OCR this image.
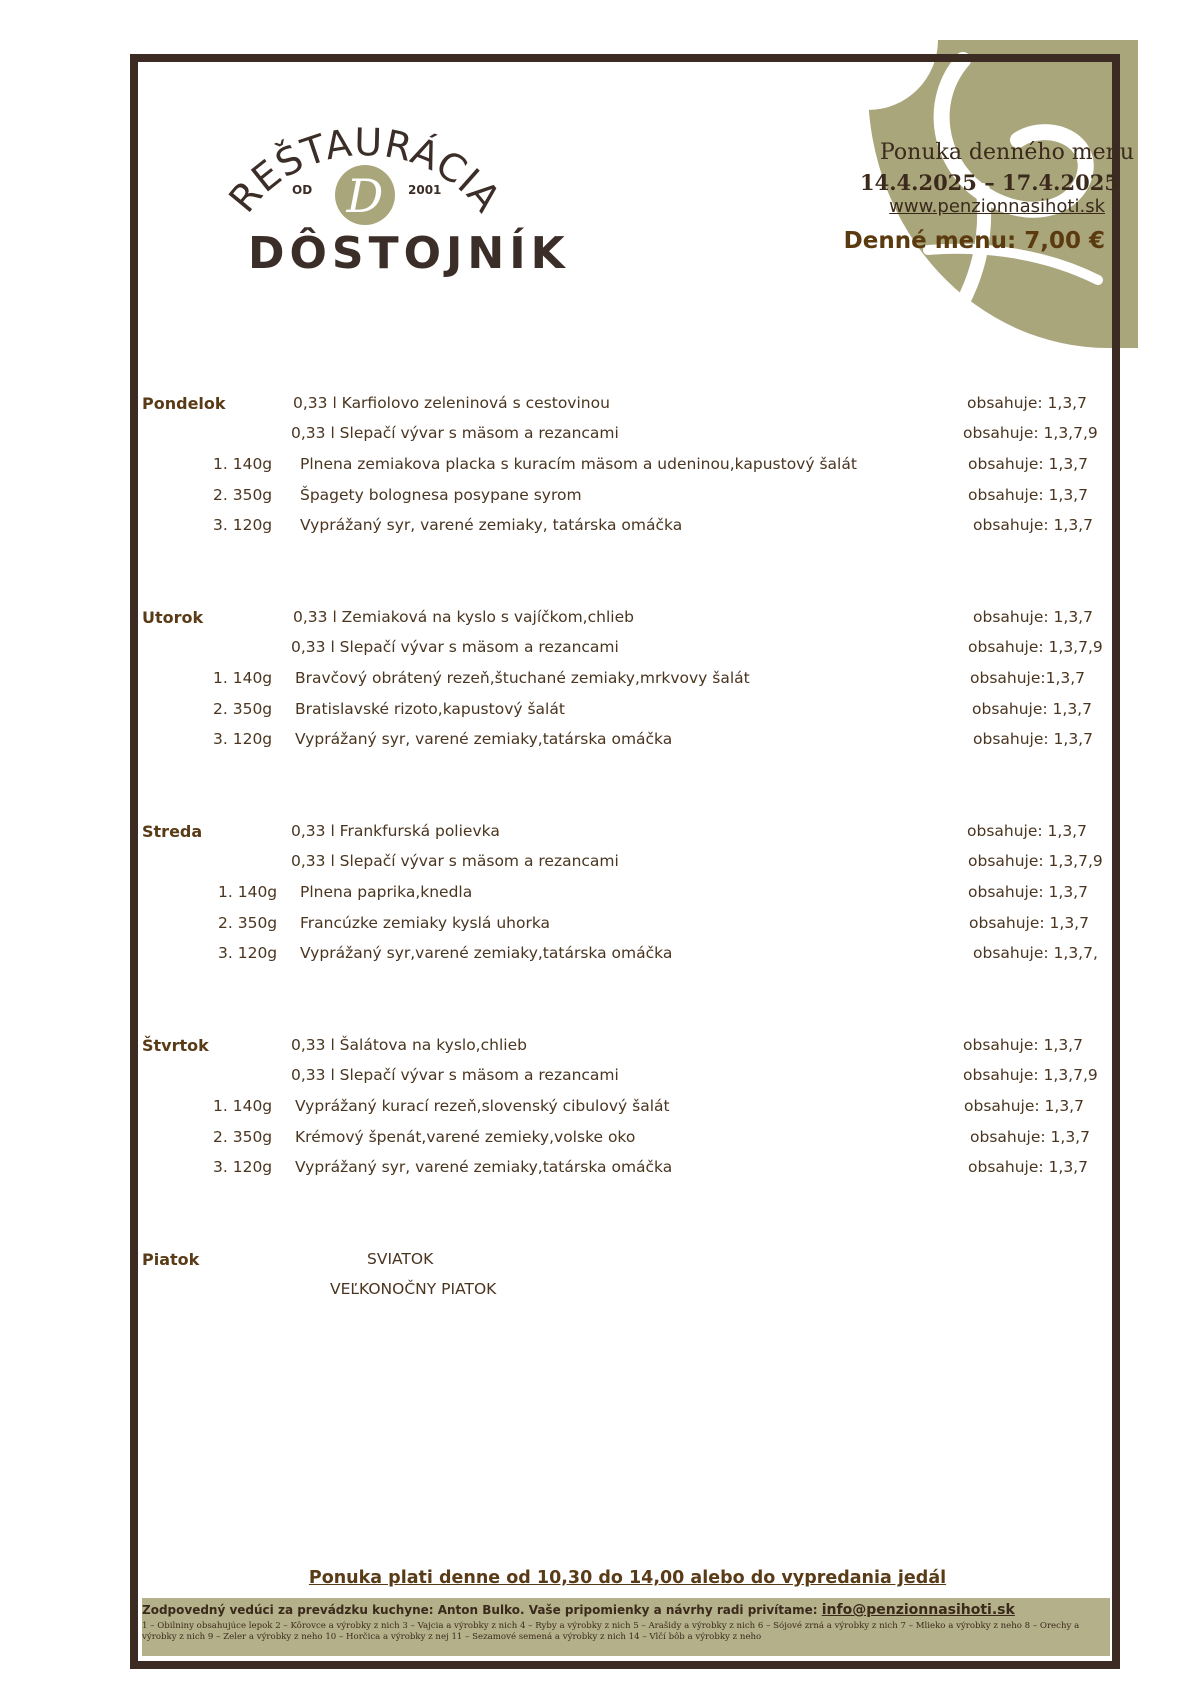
REŠTAURÁCIA
D
OD	2001
DÔSTOJNÍK
Ponuka denného menu
14.4.2025 – 17.4.2025
www.penzionnasihoti.sk
Denné menu: 7,00 €
Pondelok	0,33 l Karfiolovo zeleninová s cestovinou	obsahuje: 1,3,7
0,33 l Slepačí vývar s mäsom a rezancami	obsahuje: 1,3,7,9
1. 140g Plnena zemiakova placka s kuracím mäsom a udeninou,kapustový šalát	obsahuje: 1,3,7
2. 350g Špagety bolognesa posypane syrom	obsahuje: 1,3,7
3. 120g Vyprážaný syr, varené zemiaky, tatárska omáčka	obsahuje: 1,3,7
Utorok	0,33 l Zemiaková na kyslo s vajíčkom,chlieb	obsahuje: 1,3,7
0,33 l Slepačí vývar s mäsom a rezancami	obsahuje: 1,3,7,9
1. 140g Bravčový obrátený rezeň,štuchané zemiaky,mrkvovy šalát	obsahuje:1,3,7
2. 350g Bratislavské rizoto,kapustový šalát	obsahuje: 1,3,7
3. 120g Vyprážaný syr, varené zemiaky,tatárska omáčka	obsahuje: 1,3,7
Streda	0,33 l Frankfurská polievka	obsahuje: 1,3,7
0,33 l Slepačí vývar s mäsom a rezancami	obsahuje: 1,3,7,9
1. 140g Plnena paprika,knedla	obsahuje: 1,3,7
2. 350g Francúzke zemiaky kyslá uhorka	obsahuje: 1,3,7
3. 120g Vyprážaný syr,varené zemiaky,tatárska omáčka	obsahuje: 1,3,7,
Štvrtok	0,33 l Šalátova na kyslo,chlieb	obsahuje: 1,3,7
0,33 l Slepačí vývar s mäsom a rezancami	obsahuje: 1,3,7,9
1. 140g Vyprážaný kurací rezeň,slovenský cibulový šalát	obsahuje: 1,3,7
2. 350g Krémový špenát,varené zemieky,volske oko	obsahuje: 1,3,7
3. 120g Vyprážaný syr, varené zemiaky,tatárska omáčka	obsahuje: 1,3,7
Piatok	SVIATOK
VEĽKONOČNY PIATOK
Ponuka plati denne od 10,30 do 14,00 alebo do vypredania jedál
Zodpovedný vedúci za prevádzku kuchyne: Anton Bulko. Vaše pripomienky a návrhy radi privítame: info@penzionnasihoti.sk
1 – Obilniny obsahujúce lepok 2 – Kôrovce a výrobky z nich 3 – Vajcia a výrobky z nich 4 – Ryby a výrobky z nich 5 – Arašidy a výrobky z nich 6 – Sójové zrná a výrobky z nich 7 – Mlieko a výrobky z neho 8 – Orechy a výrobky z nich 9 – Zeler a výrobky z neho 10 – Horčica a výrobky z nej 11 – Sezamové semená a výrobky z nich 14 – Vlčí bôb a výrobky z neho
